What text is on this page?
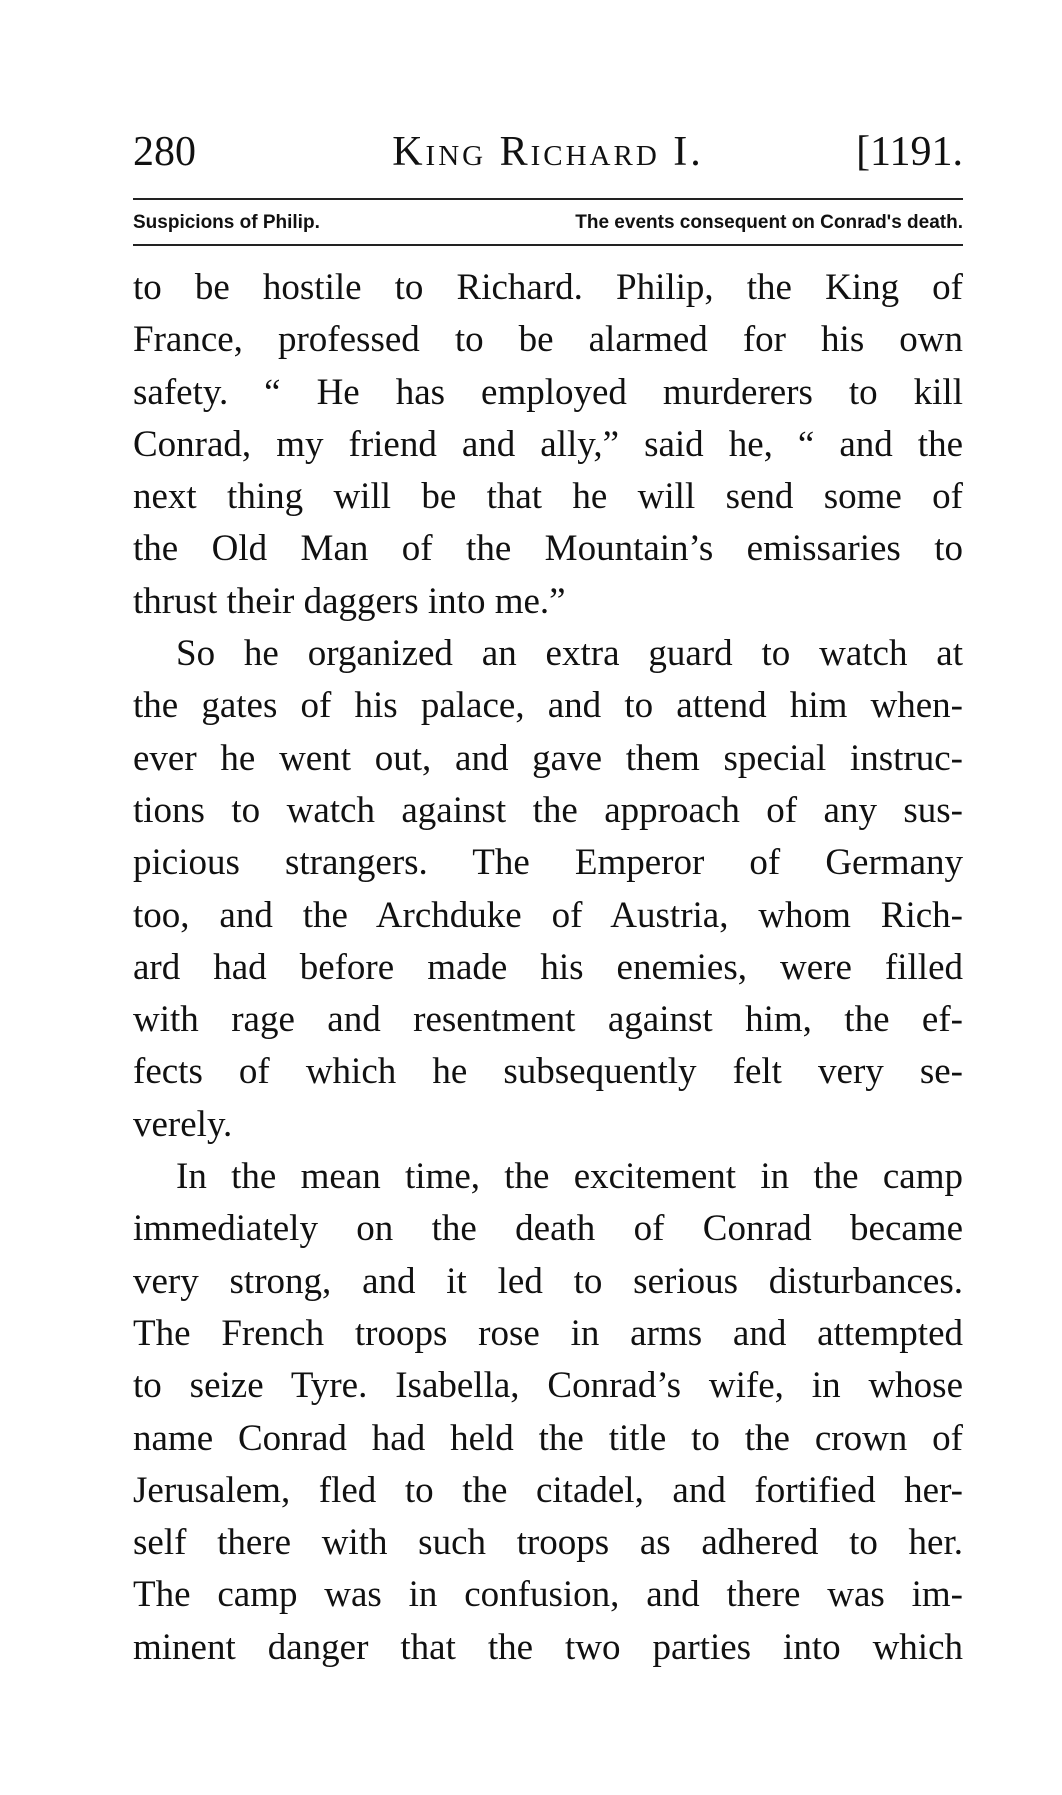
280	King Richard I.	[1191.
Suspicions of Philip.	The events consequent on Conrad's death.
to be hostile to Richard. Philip, the King of
France, professed to be alarmed for his own
safety. “ He has employed murderers to kill
Conrad, my friend and ally,” said he, “ and the
next thing will be that he will send some of
the Old Man of the Mountain’s emissaries to
thrust their daggers into me.”
So he organized an extra guard to watch at
the gates of his palace, and to attend him when-
ever he went out, and gave them special instruc-
tions to watch against the approach of any sus-
picious strangers. The Emperor of Germany
too, and the Archduke of Austria, whom Rich-
ard had before made his enemies, were filled
with rage and resentment against him, the ef-
fects of which he subsequently felt very se-
verely.
In the mean time, the excitement in the camp
immediately on the death of Conrad became
very strong, and it led to serious disturbances.
The French troops rose in arms and attempted
to seize Tyre. Isabella, Conrad’s wife, in whose
name Conrad had held the title to the crown of
Jerusalem, fled to the citadel, and fortified her-
self there with such troops as adhered to her.
The camp was in confusion, and there was im-
minent danger that the two parties into which
